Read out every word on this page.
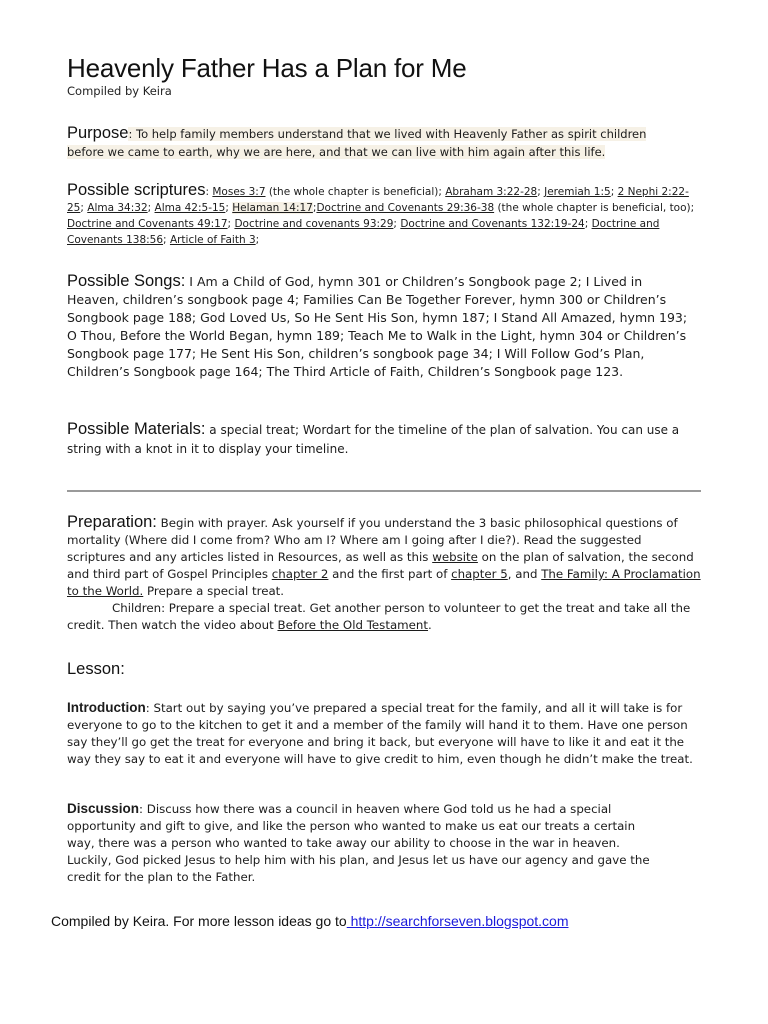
Heavenly Father Has a Plan for Me
Compiled by Keira
Purpose: To help family members understand that we lived with Heavenly Father as spirit children
before we came to earth, why we are here, and that we can live with him again after this life.
Possible scriptures: Moses 3:7 (the whole chapter is beneficial); Abraham 3:22-28; Jeremiah 1:5; 2 Nephi 2:22-25; Alma 34:32; Alma 42:5-15; Helaman 14:17;Doctrine and Covenants 29:36-38 (the whole chapter is beneficial, too); Doctrine and Covenants 49:17; Doctrine and covenants 93:29; Doctrine and Covenants 132:19-24; Doctrine and Covenants 138:56; Article of Faith 3;
Possible Songs: I Am a Child of God, hymn 301 or Children’s Songbook page 2; I Lived in Heaven, children’s songbook page 4; Families Can Be Together Forever, hymn 300 or Children’s Songbook page 188; God Loved Us, So He Sent His Son, hymn 187; I Stand All Amazed, hymn 193; O Thou, Before the World Began, hymn 189; Teach Me to Walk in the Light, hymn 304 or Children’s Songbook page 177; He Sent His Son, children’s songbook page 34; I Will Follow God’s Plan, Children’s Songbook page 164; The Third Article of Faith, Children’s Songbook page 123.
Possible Materials: a special treat; Wordart for the timeline of the plan of salvation. You can use a string with a knot in it to display your timeline.
Preparation: Begin with prayer. Ask yourself if you understand the 3 basic philosophical questions of mortality (Where did I come from? Who am I? Where am I going after I die?). Read the suggested scriptures and any articles listed in Resources, as well as this website on the plan of salvation, the second and third part of Gospel Principles chapter 2 and the first part of chapter 5, and The Family: A Proclamation to the World. Prepare a special treat.
Children: Prepare a special treat. Get another person to volunteer to get the treat and take all the credit. Then watch the video about Before the Old Testament.
Lesson:
Introduction: Start out by saying you’ve prepared a special treat for the family, and all it will take is for everyone to go to the kitchen to get it and a member of the family will hand it to them. Have one person say they’ll go get the treat for everyone and bring it back, but everyone will have to like it and eat it the way they say to eat it and everyone will have to give credit to him, even though he didn’t make the treat.
Discussion: Discuss how there was a council in heaven where God told us he had a special opportunity and gift to give, and like the person who wanted to make us eat our treats a certain way, there was a person who wanted to take away our ability to choose in the war in heaven. Luckily, God picked Jesus to help him with his plan, and Jesus let us have our agency and gave the credit for the plan to the Father.
Compiled by Keira. For more lesson ideas go to http://searchforseven.blogspot.com
